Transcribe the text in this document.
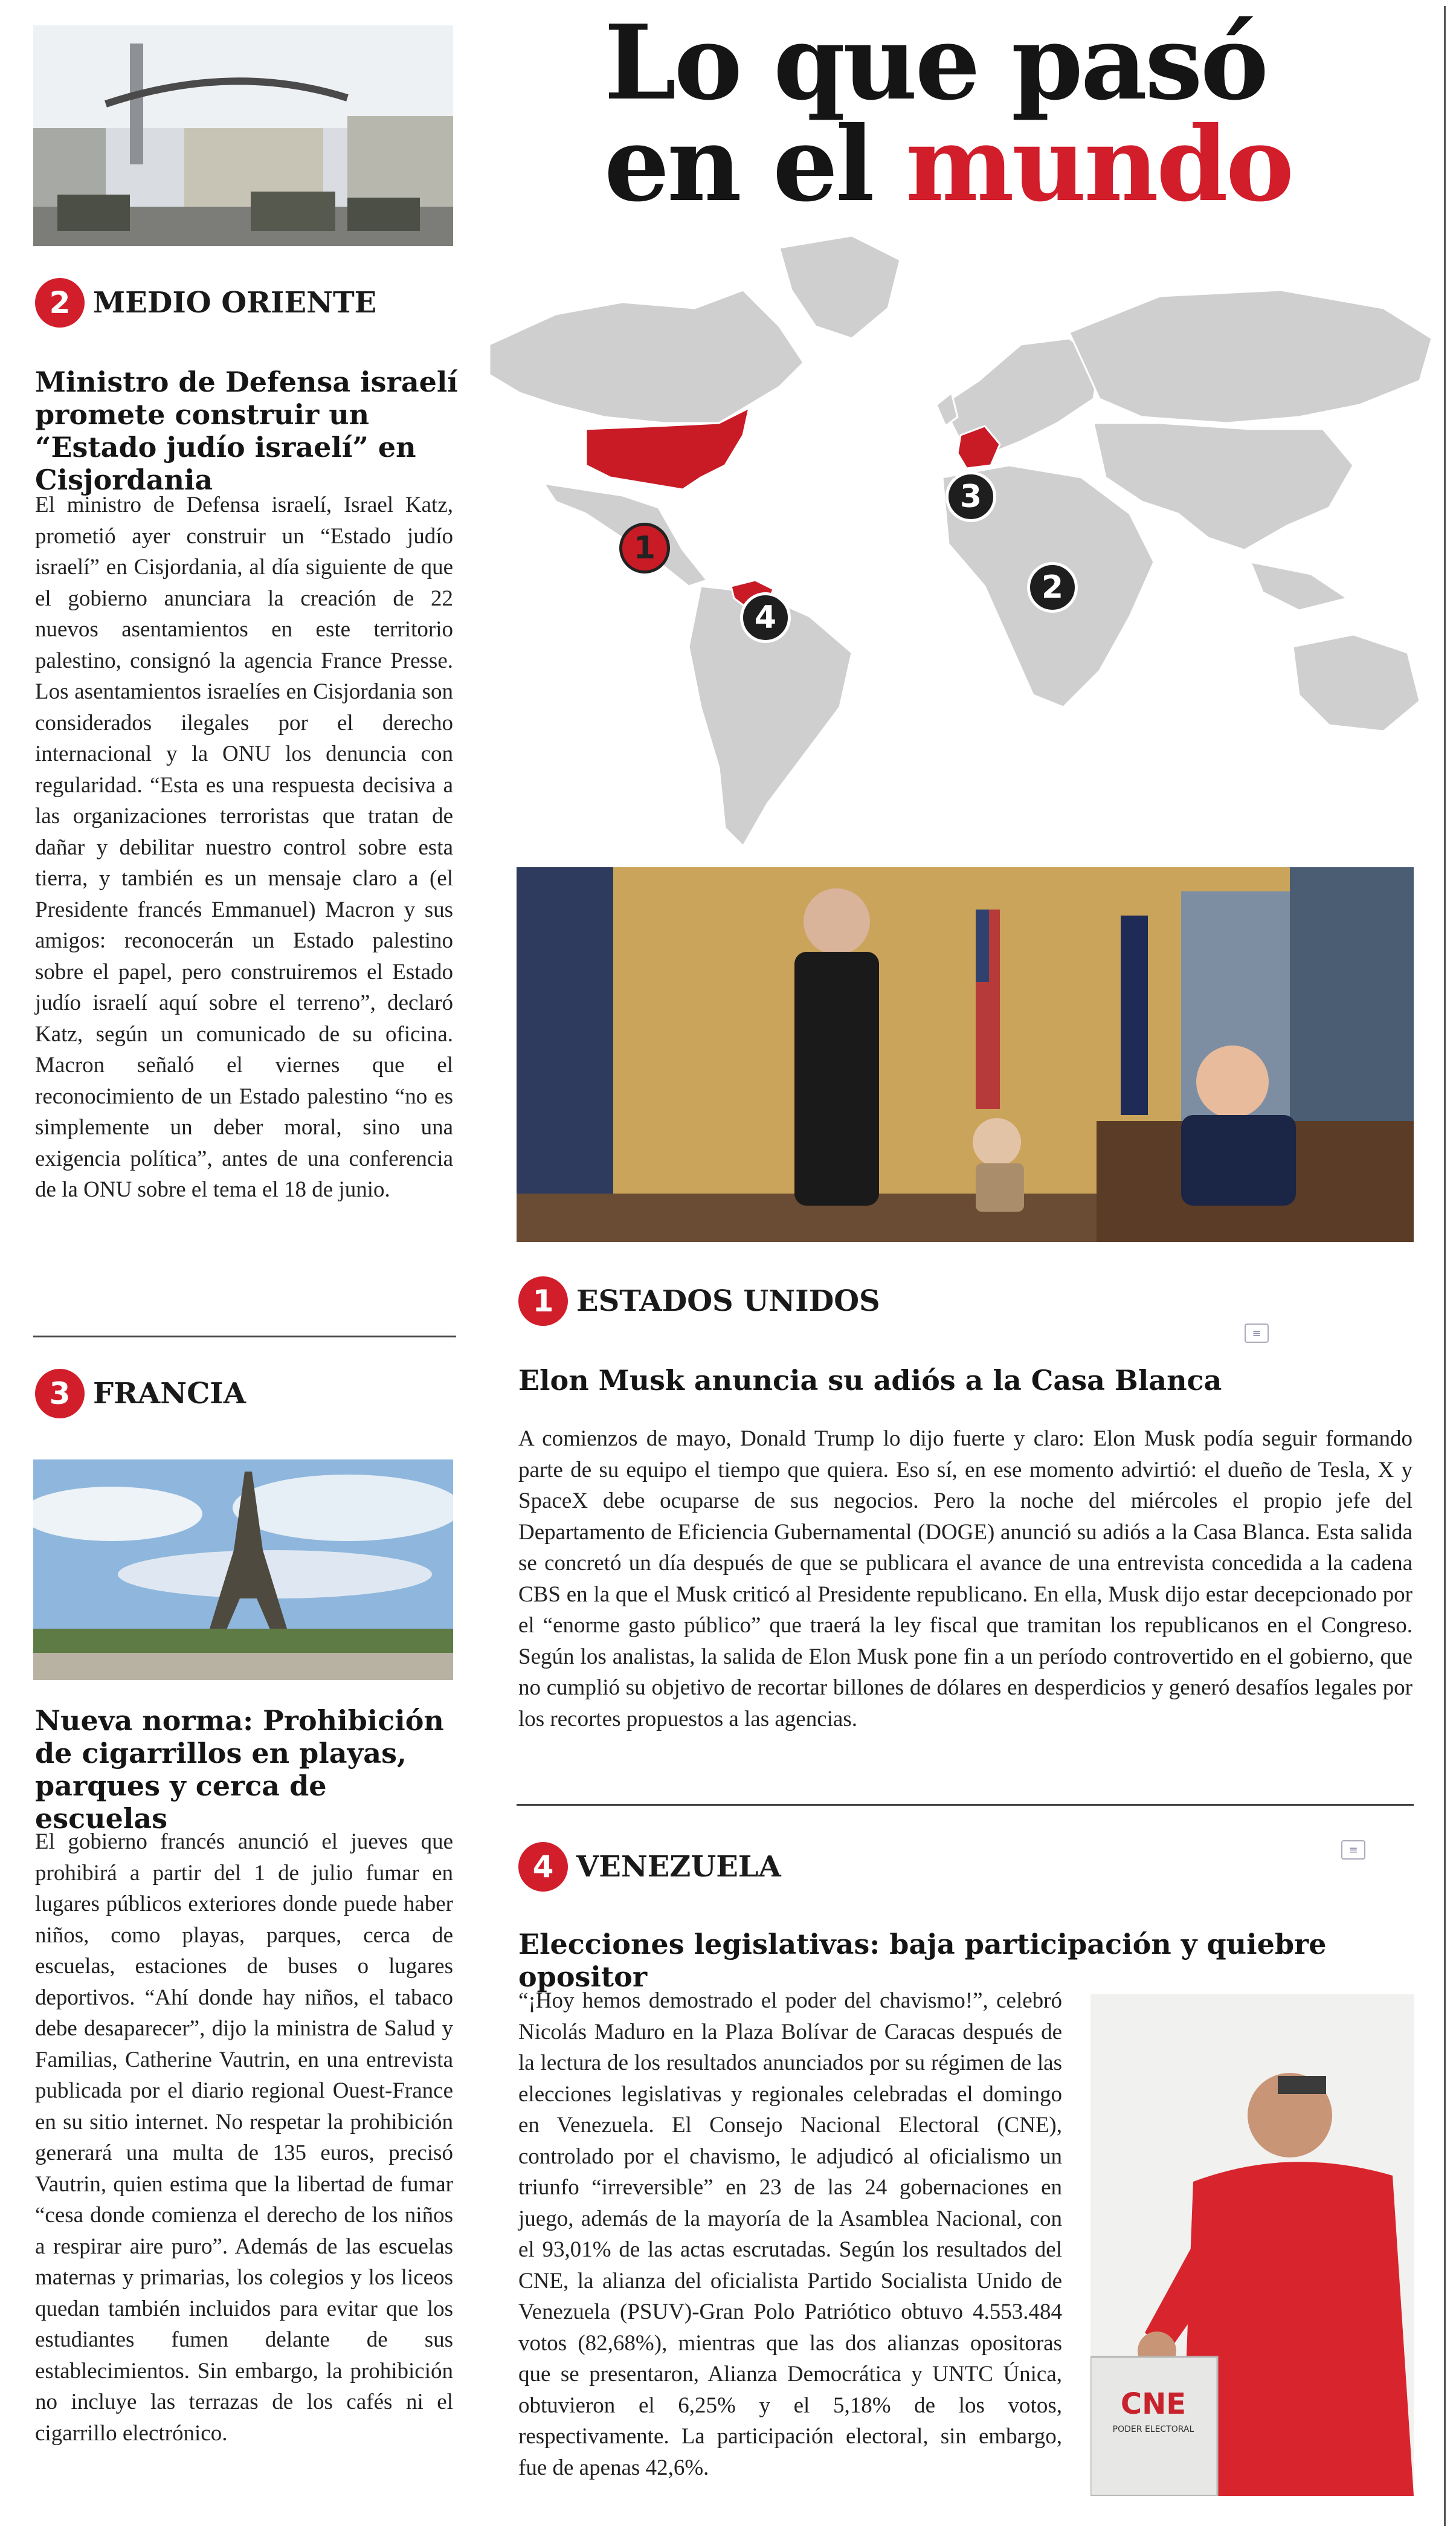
Lo que pasó
en el mundo
1
2
3
4
2 MEDIO ORIENTE
Ministro de Defensa israelí promete construir un “Estado judío israelí” en Cisjordania
El ministro de Defensa israelí, Israel Katz, prometió ayer construir un “Estado judío israelí” en Cisjordania, al día siguiente de que el gobierno anunciara la creación de 22 nuevos asentamientos en este territorio palestino, consignó la agencia France Presse. Los asentamientos israelíes en Cisjordania son considerados ilegales por el derecho internacional y la ONU los denuncia con regularidad. “Esta es una respuesta decisiva a las organizaciones terroristas que tratan de dañar y debilitar nuestro control sobre esta tierra, y también es un mensaje claro a (el Presidente francés Emmanuel) Macron y sus amigos: reconocerán un Estado palestino sobre el papel, pero construiremos el Estado judío israelí aquí sobre el terreno”, declaró Katz, según un comunicado de su oficina. Macron señaló el viernes que el reconocimiento de un Estado palestino “no es simplemente un deber moral, sino una exigencia política”, antes de una conferencia de la ONU sobre el tema el 18 de junio.
3 FRANCIA
Nueva norma: Prohibición de cigarrillos en playas, parques y cerca de escuelas
El gobierno francés anunció el jueves que prohibirá a partir del 1 de julio fumar en lugares públicos exteriores donde puede haber niños, como playas, parques, cerca de escuelas, estaciones de buses o lugares deportivos. “Ahí donde hay niños, el tabaco debe desaparecer”, dijo la ministra de Salud y Familias, Catherine Vautrin, en una entrevista publicada por el diario regional Ouest-France en su sitio internet. No respetar la prohibición generará una multa de 135 euros, precisó Vautrin, quien estima que la libertad de fumar “cesa donde comienza el derecho de los niños a respirar aire puro”. Además de las escuelas maternas y primarias, los colegios y los liceos quedan también incluidos para evitar que los estudiantes fumen delante de sus establecimientos. Sin embargo, la prohibición no incluye las terrazas de los cafés ni el cigarrillo electrónico.
1 ESTADOS UNIDOS
≡
Elon Musk anuncia su adiós a la Casa Blanca
A comienzos de mayo, Donald Trump lo dijo fuerte y claro: Elon Musk podía seguir formando parte de su equipo el tiempo que quiera. Eso sí, en ese momento advirtió: el dueño de Tesla, X y SpaceX debe ocuparse de sus negocios. Pero la noche del miércoles el propio jefe del Departamento de Eficiencia Gubernamental (DOGE) anunció su adiós a la Casa Blanca. Esta salida se concretó un día después de que se publicara el avance de una entrevista concedida a la cadena CBS en la que el Musk criticó al Presidente republicano. En ella, Musk dijo estar decepcionado por el “enorme gasto público” que traerá la ley fiscal que tramitan los republicanos en el Congreso. Según los analistas, la salida de Elon Musk pone fin a un período controvertido en el gobierno, que no cumplió su objetivo de recortar billones de dólares en desperdicios y generó desafíos legales por los recortes propuestos a las agencias.
4 VENEZUELA	≡
Elecciones legislativas: baja participación y quiebre opositor
“¡Hoy hemos demostrado el poder del chavismo!”, celebró Nicolás Maduro en la Plaza Bolívar de Caracas después de la lectura de los resultados anunciados por su régimen de las elecciones legislativas y regionales celebradas el domingo en Venezuela. El Consejo Nacional Electoral (CNE), controlado por el chavismo, le adjudicó al oficialismo un triunfo “irreversible” en 23 de las 24 gobernaciones en juego, además de la mayoría de la Asamblea Nacional, con el 93,01% de las actas escrutadas. Según los resultados del CNE, la alianza del oficialista Partido Socialista Unido de Venezuela (PSUV)-Gran Polo Patriótico obtuvo 4.553.484 votos (82,68%), mientras que las dos alianzas opositoras que se presentaron, Alianza Democrática y UNTC Única, obtuvieron el 6,25% y el 5,18% de los votos, respectivamente. La participación electoral, sin embargo, fue de apenas 42,6%.
CNE
PODER ELECTORAL
